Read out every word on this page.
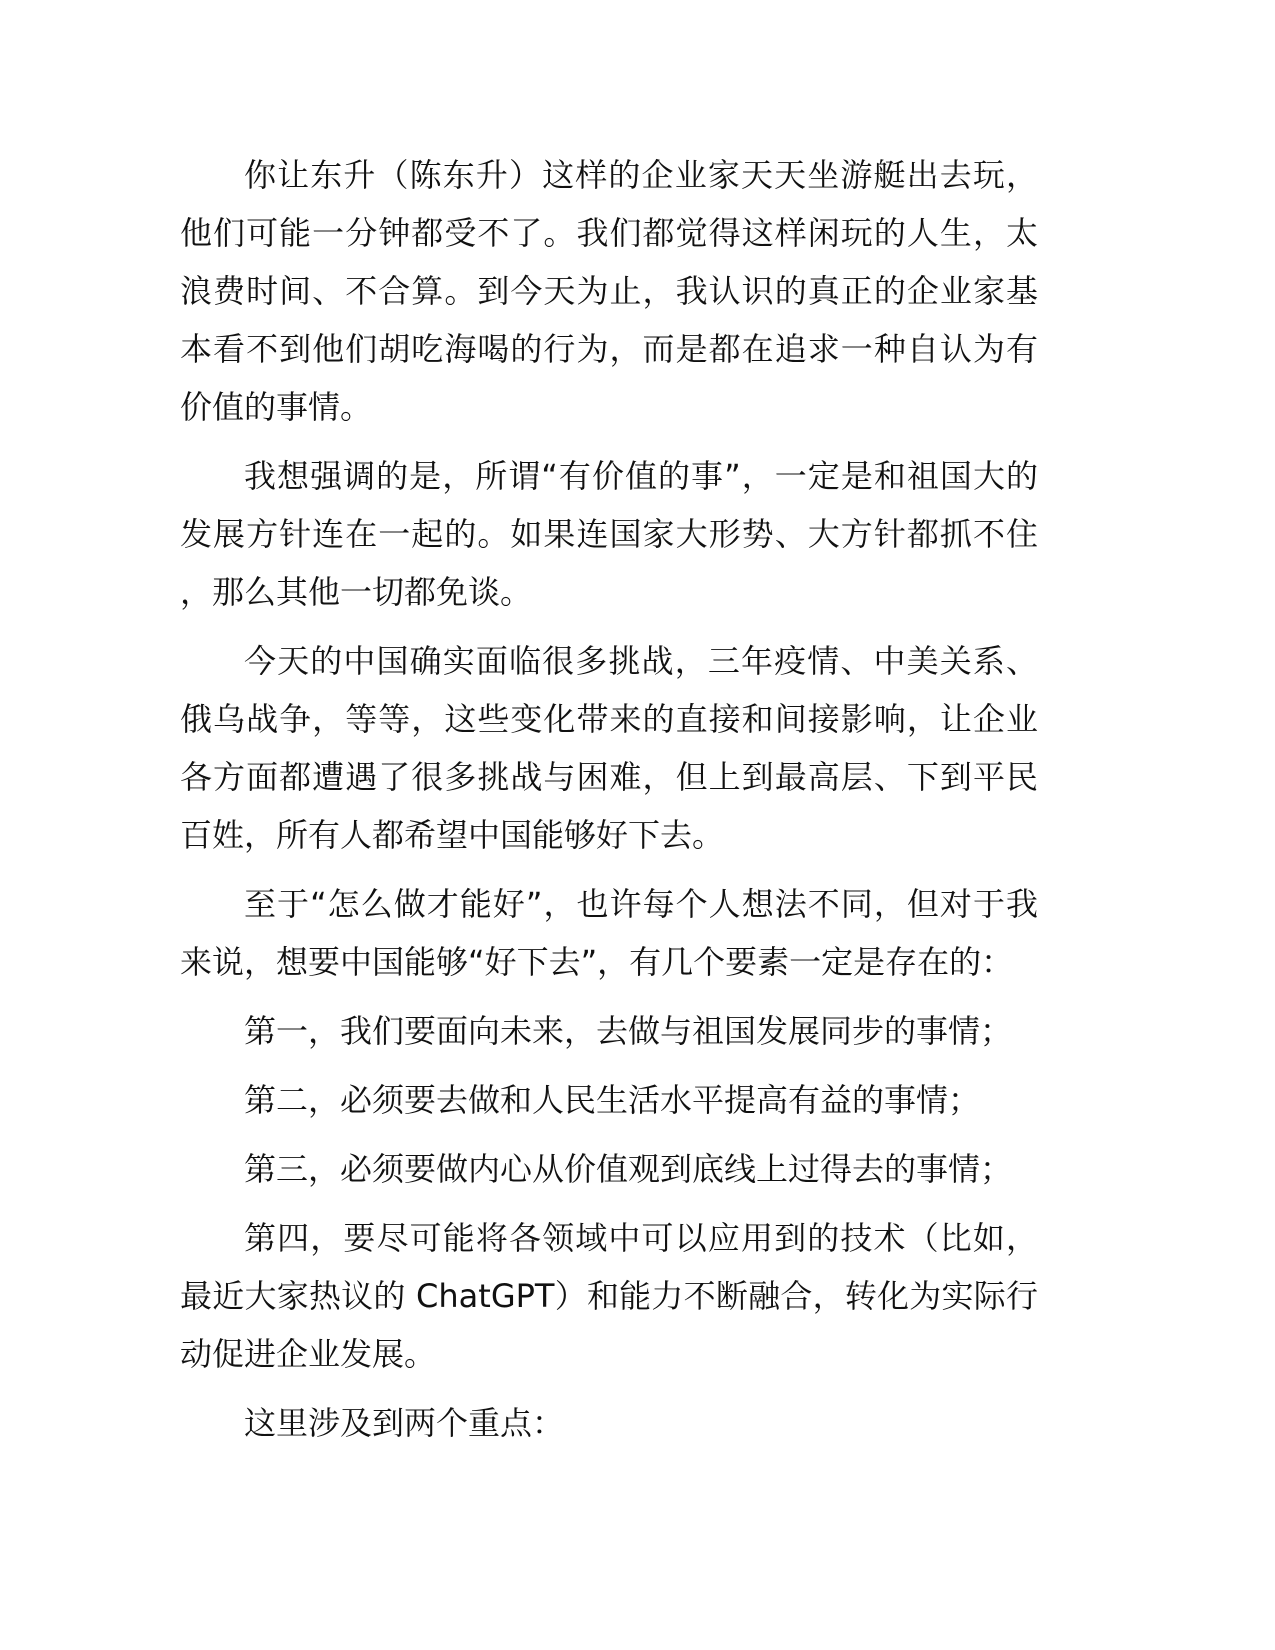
你让东升（陈东升）这样的企业家天天坐游艇出去玩，他们可能一分钟都受不了。我们都觉得这样闲玩的人生，太浪费时间、不合算。到今天为止，我认识的真正的企业家基本看不到他们胡吃海喝的行为，而是都在追求一种自认为有价值的事情。

我想强调的是，所谓“有价值的事”，一定是和祖国大的发展方针连在一起的。如果连国家大形势、大方针都抓不住，那么其他一切都免谈。

今天的中国确实面临很多挑战，三年疫情、中美关系、俄乌战争，等等，这些变化带来的直接和间接影响，让企业各方面都遭遇了很多挑战与困难，但上到最高层、下到平民百姓，所有人都希望中国能够好下去。

至于“怎么做才能好”，也许每个人想法不同，但对于我来说，想要中国能够“好下去”，有几个要素一定是存在的：

第一，我们要面向未来，去做与祖国发展同步的事情；

第二，必须要去做和人民生活水平提高有益的事情；

第三，必须要做内心从价值观到底线上过得去的事情；

第四，要尽可能将各领域中可以应用到的技术（比如，最近大家热议的 ChatGPT）和能力不断融合，转化为实际行动促进企业发展。

这里涉及到两个重点：
